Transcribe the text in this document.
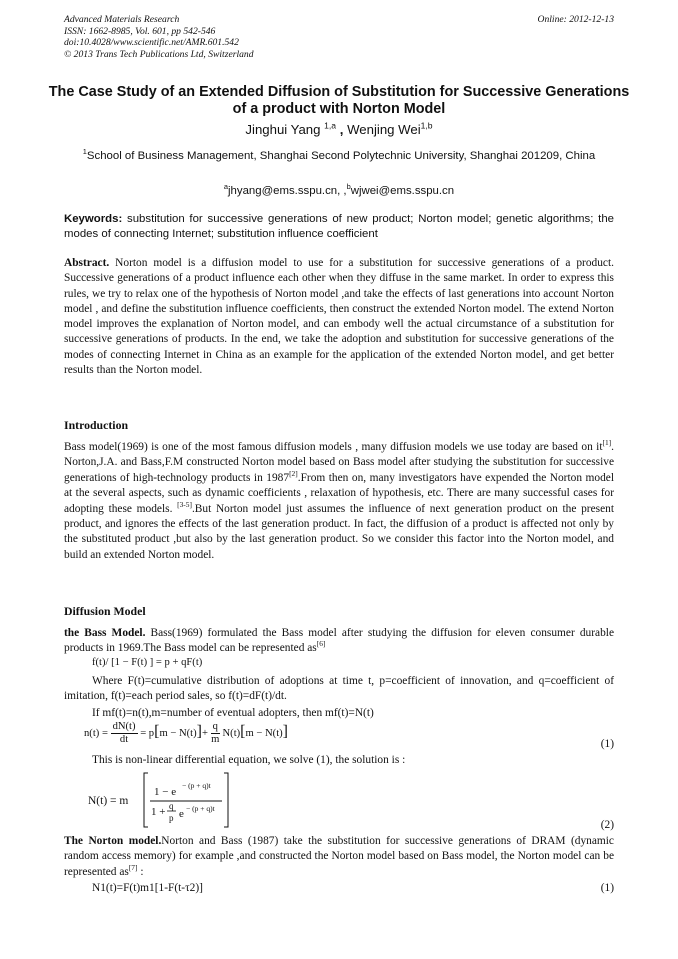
Advanced Materials Research
ISSN: 1662-8985, Vol. 601, pp 542-546
doi:10.4028/www.scientific.net/AMR.601.542
© 2013 Trans Tech Publications Ltd, Switzerland
Online: 2012-12-13
The Case Study of an Extended Diffusion of Substitution for Successive Generations of a product with Norton Model
Jinghui Yang $^{1,a}$ , Wenjing Wei$^{1,b}$
$^1$School of Business Management, Shanghai Second Polytechnic University, Shanghai 201209, China
$^a$jhyang@ems.sspu.cn, ,$^b$wjwei@ems.sspu.cn
Keywords: substitution for successive generations of new product; Norton model; genetic algorithms; the modes of connecting Internet; substitution influence coefficient
Abstract. Norton model is a diffusion model to use for a substitution for successive generations of a product. Successive generations of a product influence each other when they diffuse in the same market. In order to express this rules, we try to relax one of the hypothesis of Norton model ,and take the effects of last generations into account Norton model , and define the substitution influence coefficients, then construct the extended Norton model. The extend Norton model improves the explanation of Norton model, and can embody well the actual circumstance of a substitution for successive generations of products. In the end, we take the adoption and substitution for successive generations of the modes of connecting Internet in China as an example for the application of the extended Norton model, and get better results than the Norton model.
Introduction
Bass model(1969) is one of the most famous diffusion models , many diffusion models we use today are based on it[1]. Norton,J.A. and Bass,F.M constructed Norton model based on Bass model after studying the substitution for successive generations of high-technology products in 1987[2].From then on, many investigators have expended the Norton model at the several aspects, such as dynamic coefficients , relaxation of hypothesis, etc. There are many successful cases for adopting these models. [3-5].But Norton model just assumes the influence of next generation product on the present product, and ignores the effects of the last generation product. In fact, the diffusion of a product is affected not only by the substituted product ,but also by the last generation product. So we consider this factor into the Norton model, and build an extended Norton model.
Diffusion Model
the Bass Model. Bass(1969) formulated the Bass model after studying the diffusion for eleven consumer durable products in 1969.The Bass model can be represented as[6]
f(t)/ [1 − F(t) ] = p + qF(t)
Where F(t)=cumulative distribution of adoptions at time t, p=coefficient of innovation, and q=coefficient of imitation, f(t)=each period sales, so f(t)=dF(t)/dt.
If mf(t)=n(t),m=number of eventual adopters, then mf(t)=N(t)
$n(t) = \frac{dN(t)}{dt} = p[m - N(t)]+ \frac{q}{m} N(t)[m - N(t)]$
(1)
This is non-linear differential equation, we solve (1), the solution is :
N(t) = m
1 − e
− (p + q)t
1 + q
p e − (p + q)t
(2)
The Norton model.Norton and Bass (1987) take the substitution for successive generations of DRAM (dynamic random access memory) for example ,and constructed the Norton model based on Bass model, the Norton model can be represented as[7] :
N1(t)=F(t)m1[1-F(t-τ2)]	(1)
